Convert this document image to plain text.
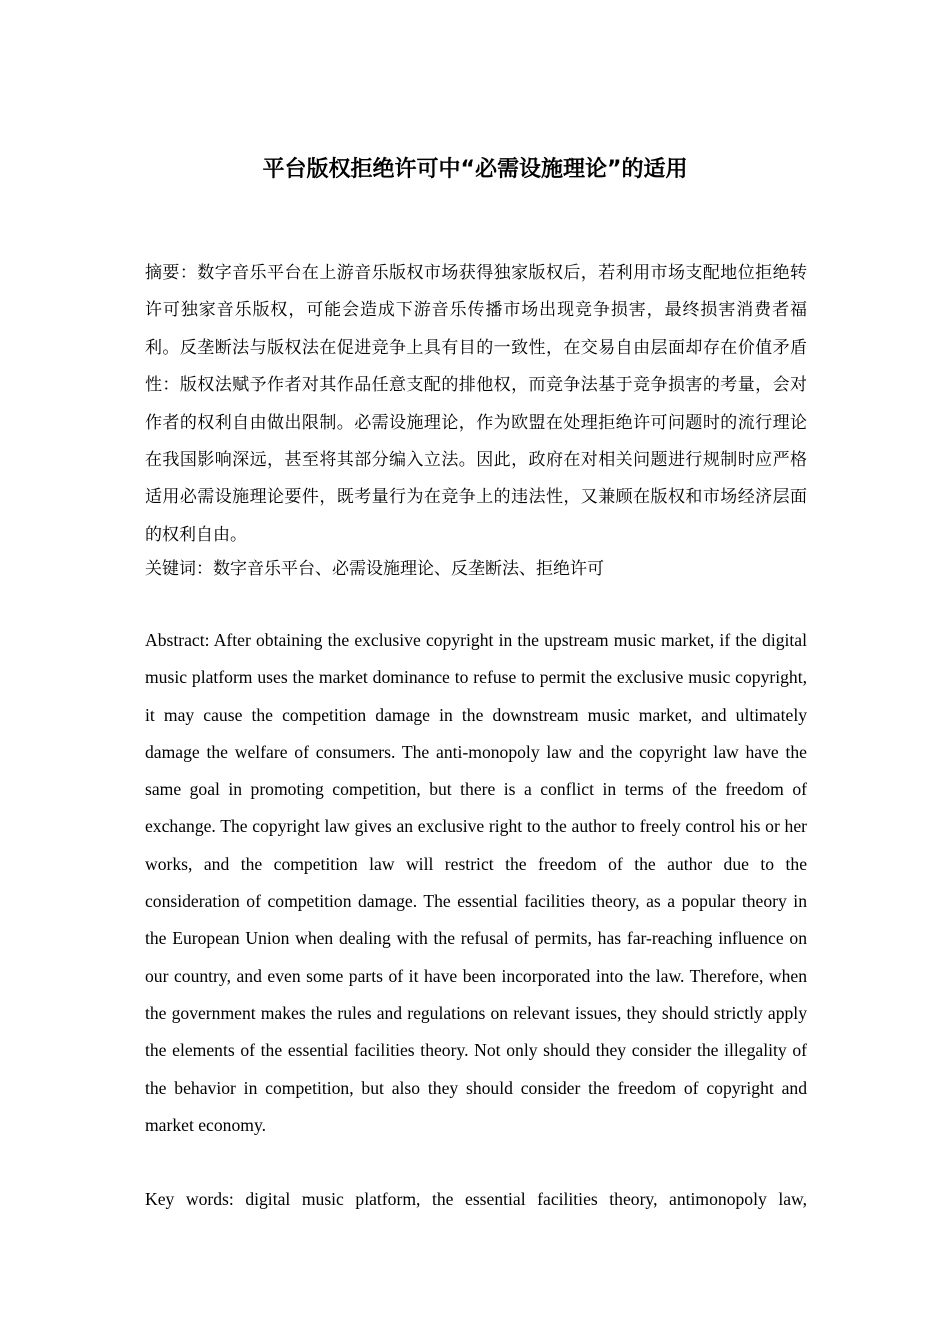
平台版权拒绝许可中“必需设施理论”的适用

摘要：数字音乐平台在上游音乐版权市场获得独家版权后，若利用市场支配地位拒绝转许可独家音乐版权，可能会造成下游音乐传播市场出现竞争损害，最终损害消费者福利。反垄断法与版权法在促进竞争上具有目的一致性，在交易自由层面却存在价值矛盾性：版权法赋予作者对其作品任意支配的排他权，而竞争法基于竞争损害的考量，会对作者的权利自由做出限制。必需设施理论，作为欧盟在处理拒绝许可问题时的流行理论在我国影响深远，甚至将其部分编入立法。因此，政府在对相关问题进行规制时应严格适用必需设施理论要件，既考量行为在竞争上的违法性，又兼顾在版权和市场经济层面的权利自由。

关键词：数字音乐平台、必需设施理论、反垄断法、拒绝许可

Abstract: After obtaining the exclusive copyright in the upstream music market, if the digital music platform uses the market dominance to refuse to permit the exclusive music copyright, it may cause the competition damage in the downstream music market, and ultimately damage the welfare of consumers. The anti-monopoly law and the copyright law have the same goal in promoting competition, but there is a conflict in terms of the freedom of exchange. The copyright law gives an exclusive right to the author to freely control his or her works, and the competition law will restrict the freedom of the author due to the consideration of competition damage. The essential facilities theory, as a popular theory in the European Union when dealing with the refusal of permits, has far-reaching influence on our country, and even some parts of it have been incorporated into the law. Therefore, when the government makes the rules and regulations on relevant issues, they should strictly apply the elements of the essential facilities theory. Not only should they consider the illegality of the behavior in competition, but also they should consider the freedom of copyright and market economy.

Key words: digital music platform, the essential facilities theory, antimonopoly law,
